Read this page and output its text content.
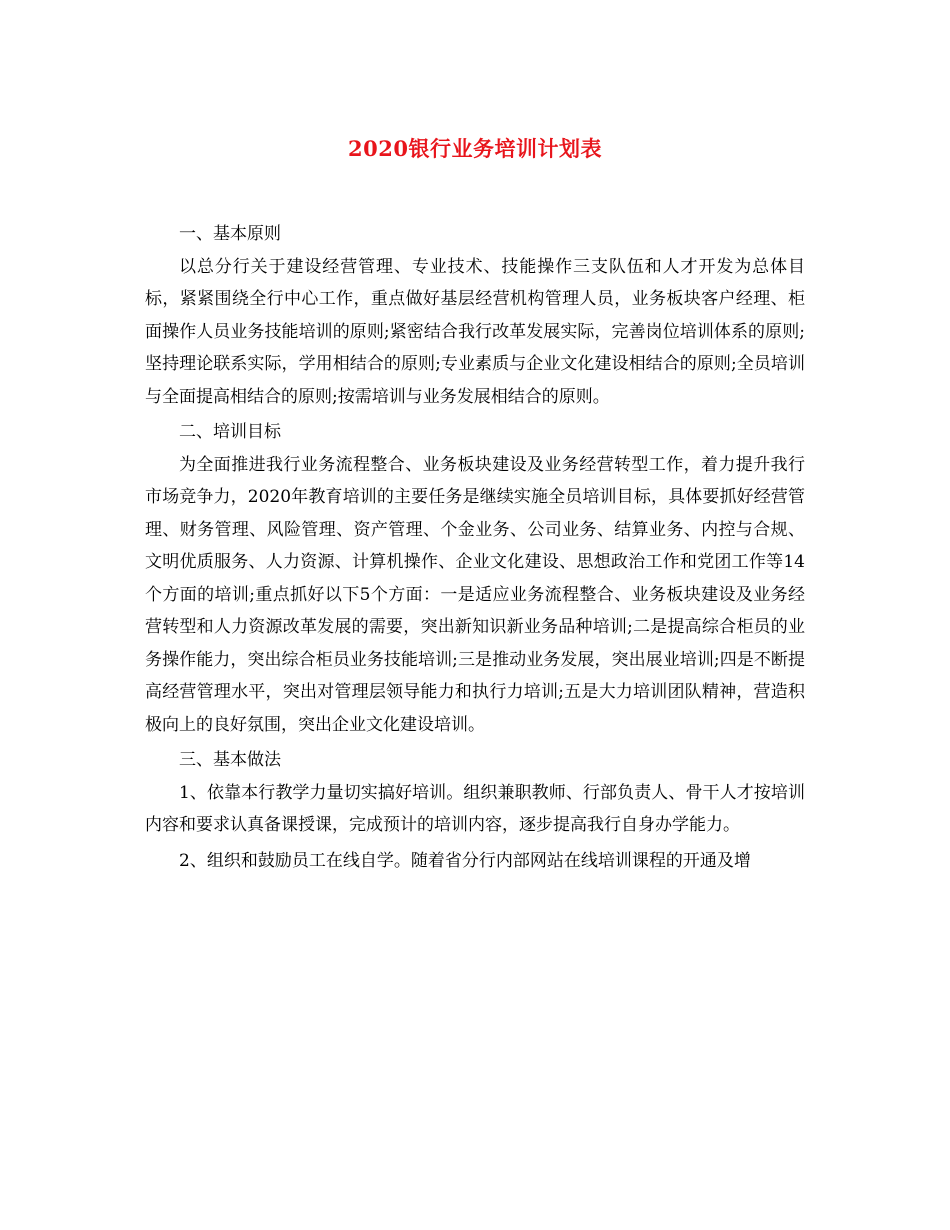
2020银行业务培训计划表

一、基本原则

以总分行关于建设经营管理、专业技术、技能操作三支队伍和人才开发为总体目标，紧紧围绕全行中心工作，重点做好基层经营机构管理人员，业务板块客户经理、柜面操作人员业务技能培训的原则;紧密结合我行改革发展实际，完善岗位培训体系的原则;坚持理论联系实际，学用相结合的原则;专业素质与企业文化建设相结合的原则;全员培训与全面提高相结合的原则;按需培训与业务发展相结合的原则。

二、培训目标

为全面推进我行业务流程整合、业务板块建设及业务经营转型工作，着力提升我行市场竞争力，2020年教育培训的主要任务是继续实施全员培训目标，具体要抓好经营管理、财务管理、风险管理、资产管理、个金业务、公司业务、结算业务、内控与合规、文明优质服务、人力资源、计算机操作、企业文化建设、思想政治工作和党团工作等14个方面的培训;重点抓好以下5个方面：一是适应业务流程整合、业务板块建设及业务经营转型和人力资源改革发展的需要，突出新知识新业务品种培训;二是提高综合柜员的业务操作能力，突出综合柜员业务技能培训;三是推动业务发展，突出展业培训;四是不断提高经营管理水平，突出对管理层领导能力和执行力培训;五是大力培训团队精神，营造积极向上的良好氛围，突出企业文化建设培训。

三、基本做法

1、依靠本行教学力量切实搞好培训。组织兼职教师、行部负责人、骨干人才按培训内容和要求认真备课授课，完成预计的培训内容，逐步提高我行自身办学能力。

2、组织和鼓励员工在线自学。随着省分行内部网站在线培训课程的开通及增
